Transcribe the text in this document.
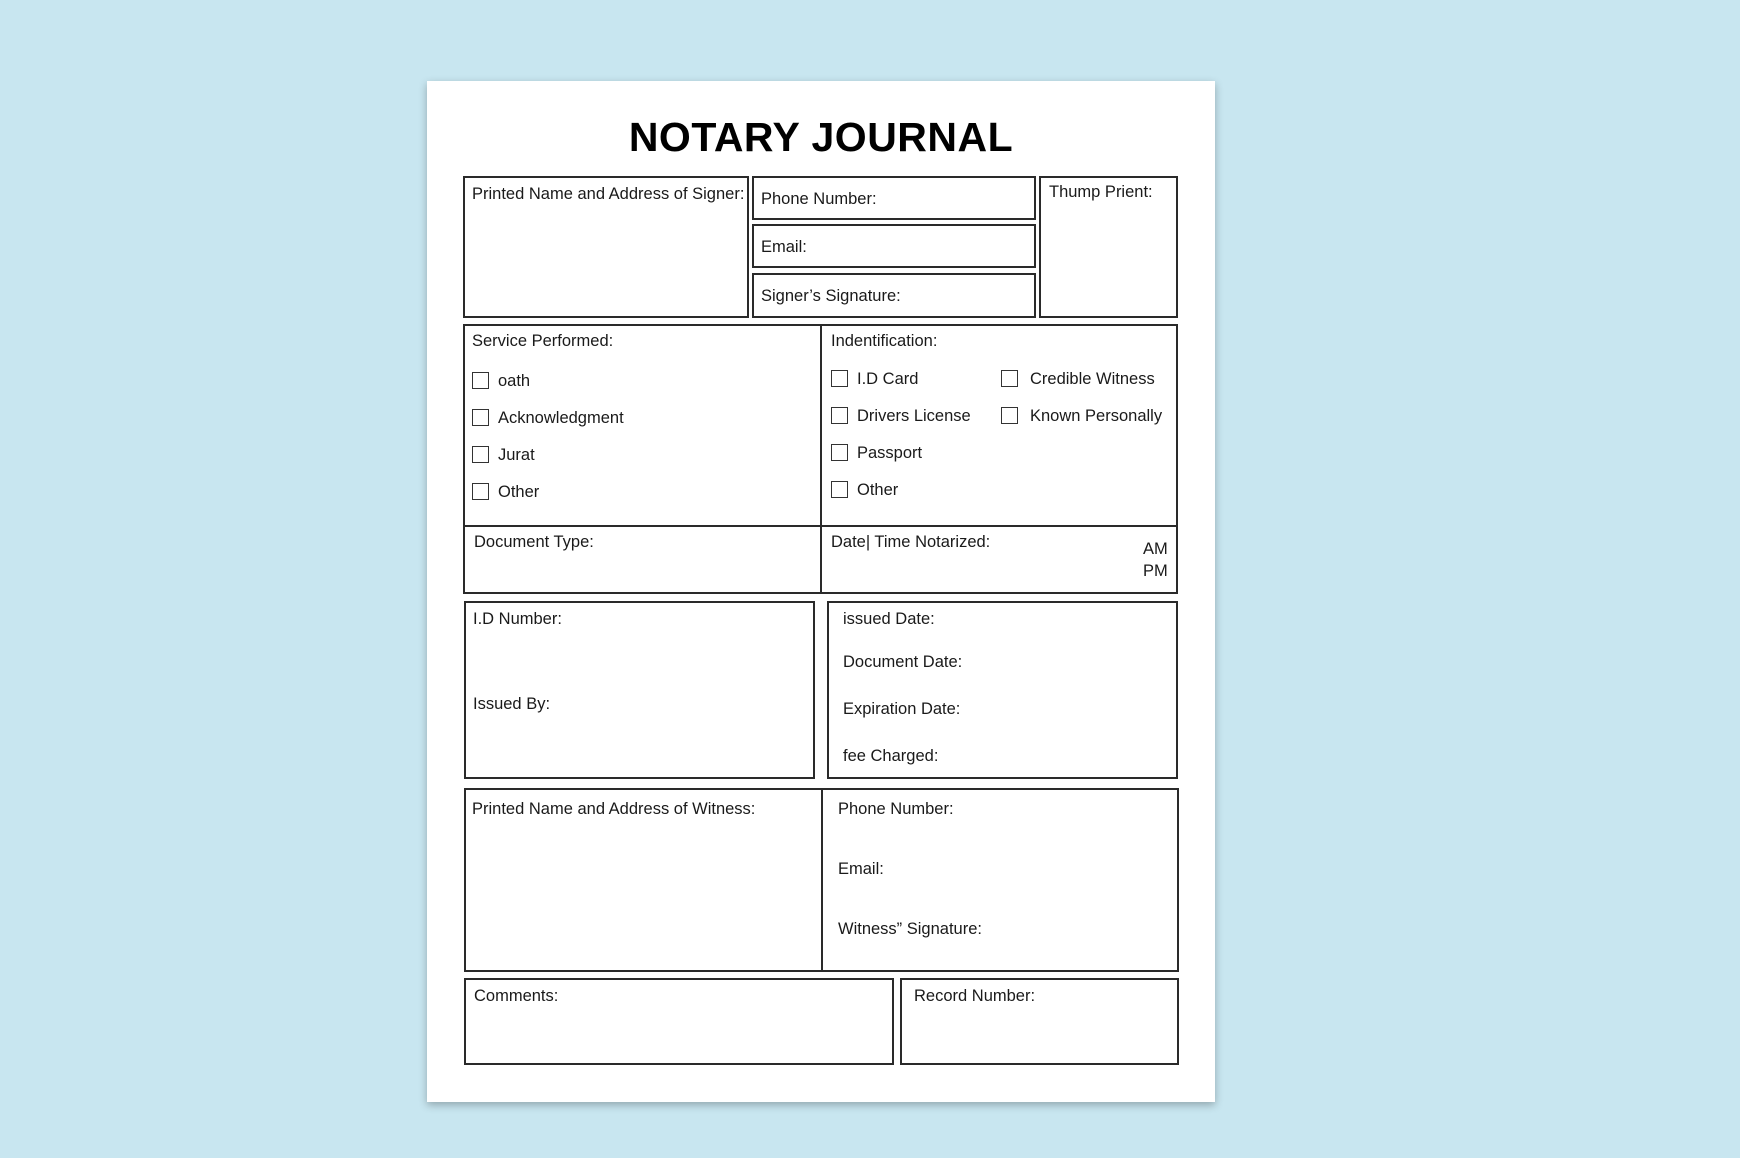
NOTARY JOURNAL
Printed Name and Address of Signer: Phone Number:
Email:
Signer’s Signature:
Thump Prient:
Service Performed:
oath
Acknowledgment
Jurat
Other
Indentification:
I.D Card
Drivers License
Passport
Other
Credible Witness
Known Personally
Document Type:	Date| Time Notarized:	AM
PM
I.D Number:
Issued By:
issued Date:
Document Date:
Expiration Date:
fee Charged:
Printed Name and Address of Witness:	Phone Number:
Email:
Witness” Signature:
Comments:	Record Number:
